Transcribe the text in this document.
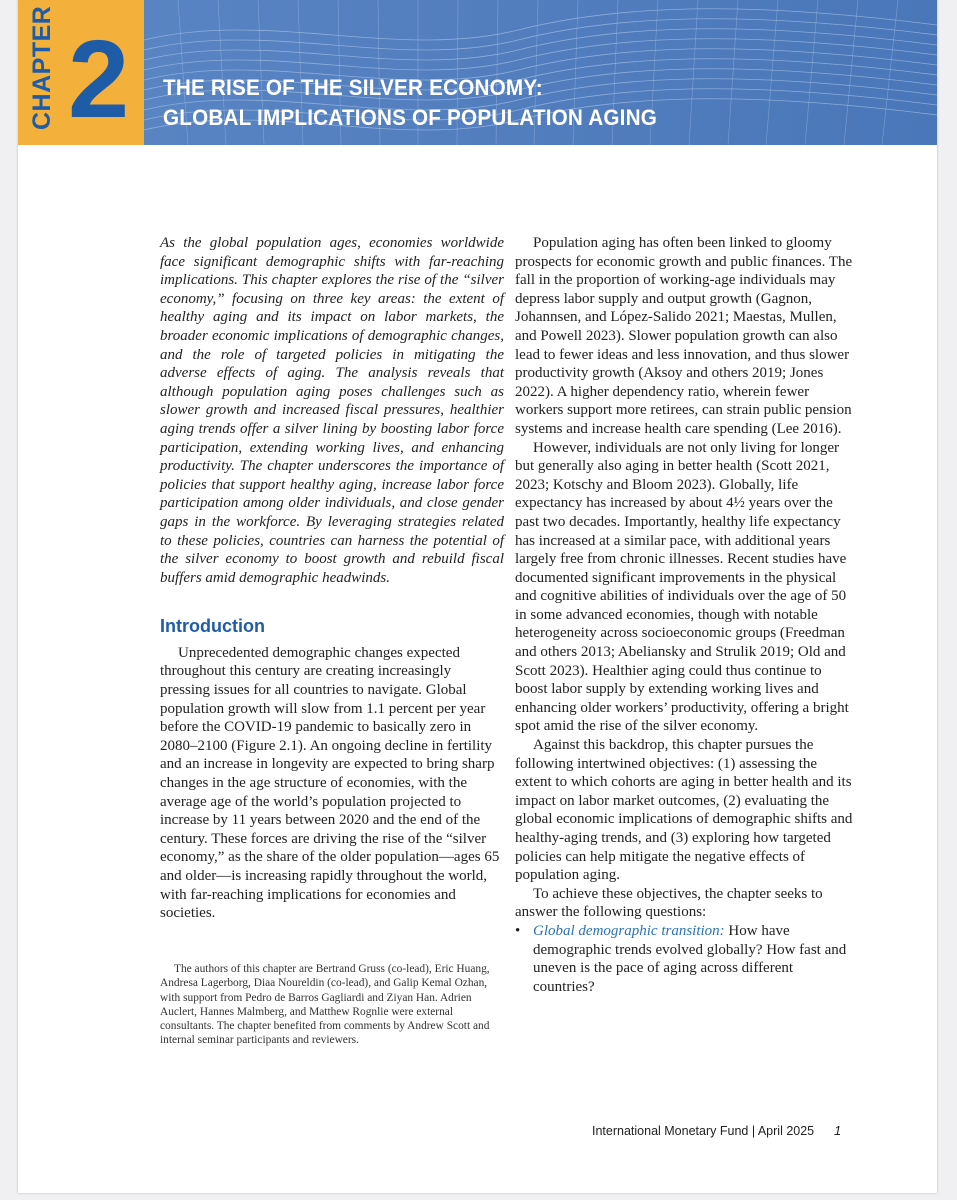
CHAPTER 2 THE RISE OF THE SILVER ECONOMY:
GLOBAL IMPLICATIONS OF POPULATION AGING

As the global population ages, economies worldwide face significant demographic shifts with far-reaching implications. This chapter explores the rise of the “silver economy,” focusing on three key areas: the extent of healthy aging and its impact on labor markets, the broader economic implications of demographic changes, and the role of targeted policies in mitigating the adverse effects of aging. The analysis reveals that although population aging poses challenges such as slower growth and increased fiscal pressures, healthier aging trends offer a silver lining by boosting labor force participation, extending working lives, and enhancing productivity. The chapter underscores the importance of policies that support healthy aging, increase labor force participation among older individuals, and close gender gaps in the workforce. By leveraging strategies related to these policies, countries can harness the potential of the silver economy to boost growth and rebuild fiscal buffers amid demographic headwinds.

Introduction

Unprecedented demographic changes expected throughout this century are creating increasingly pressing issues for all countries to navigate. Global population growth will slow from 1.1 percent per year before the COVID-19 pandemic to basically zero in 2080–2100 (Figure 2.1). An ongoing decline in fertility and an increase in longevity are expected to bring sharp changes in the age structure of economies, with the average age of the world’s population projected to increase by 11 years between 2020 and the end of the century. These forces are driving the rise of the “silver economy,” as the share of the older population—ages 65 and older—is increasing rapidly throughout the world, with far-reaching implications for economies and societies.

The authors of this chapter are Bertrand Gruss (co-lead), Eric Huang, Andresa Lagerborg, Diaa Noureldin (co-lead), and Galip Kemal Ozhan, with support from Pedro de Barros Gagliardi and Ziyan Han. Adrien Auclert, Hannes Malmberg, and Matthew Rognlie were external consultants. The chapter benefited from comments by Andrew Scott and internal seminar participants and reviewers.

Population aging has often been linked to gloomy prospects for economic growth and public finances. The fall in the proportion of working-age individuals may depress labor supply and output growth (Gagnon, Johannsen, and López-Salido 2021; Maestas, Mullen, and Powell 2023). Slower population growth can also lead to fewer ideas and less innovation, and thus slower productivity growth (Aksoy and others 2019; Jones 2022). A higher dependency ratio, wherein fewer workers support more retirees, can strain public pension systems and increase health care spending (Lee 2016).

However, individuals are not only living for longer but generally also aging in better health (Scott 2021, 2023; Kotschy and Bloom 2023). Globally, life expectancy has increased by about 4½ years over the past two decades. Importantly, healthy life expectancy has increased at a similar pace, with additional years largely free from chronic illnesses. Recent studies have documented significant improvements in the physical and cognitive abilities of individuals over the age of 50 in some advanced economies, though with notable heterogeneity across socioeconomic groups (Freedman and others 2013; Abeliansky and Strulik 2019; Old and Scott 2023). Healthier aging could thus continue to boost labor supply by extending working lives and enhancing older workers’ productivity, offering a bright spot amid the rise of the silver economy.

Against this backdrop, this chapter pursues the following intertwined objectives: (1) assessing the extent to which cohorts are aging in better health and its impact on labor market outcomes, (2) evaluating the global economic implications of demographic shifts and healthy-aging trends, and (3) exploring how targeted policies can help mitigate the negative effects of population aging.

To achieve these objectives, the chapter seeks to answer the following questions:

• Global demographic transition: How have demographic trends evolved globally? How fast and uneven is the pace of aging across different countries?

International Monetary Fund | April 2025	1
